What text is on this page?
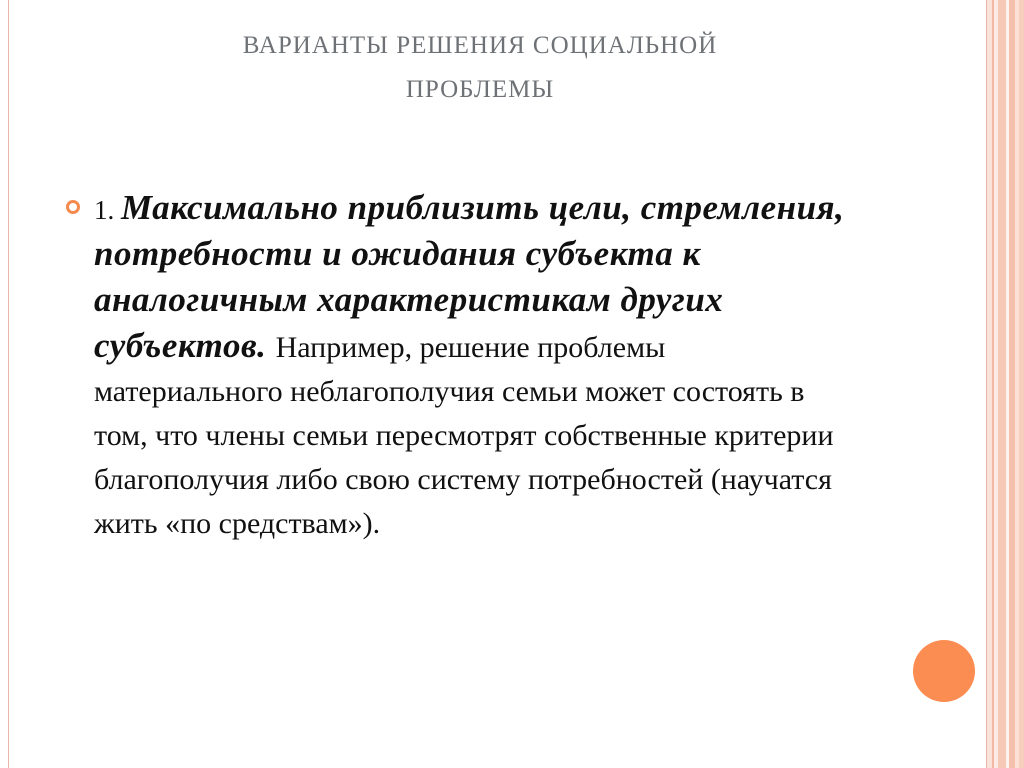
ВАРИАНТЫ РЕШЕНИЯ СОЦИАЛЬНОЙ
ПРОБЛЕМЫ
1. Максимально приблизить цели, стремления, потребности и ожидания субъекта к аналогичным характеристикам других субъектов. Например, решение проблемы материального неблагополучия семьи может состоять в том, что члены семьи пересмотрят собственные критерии благополучия либо свою систему потребностей (научатся жить «по средствам»).
